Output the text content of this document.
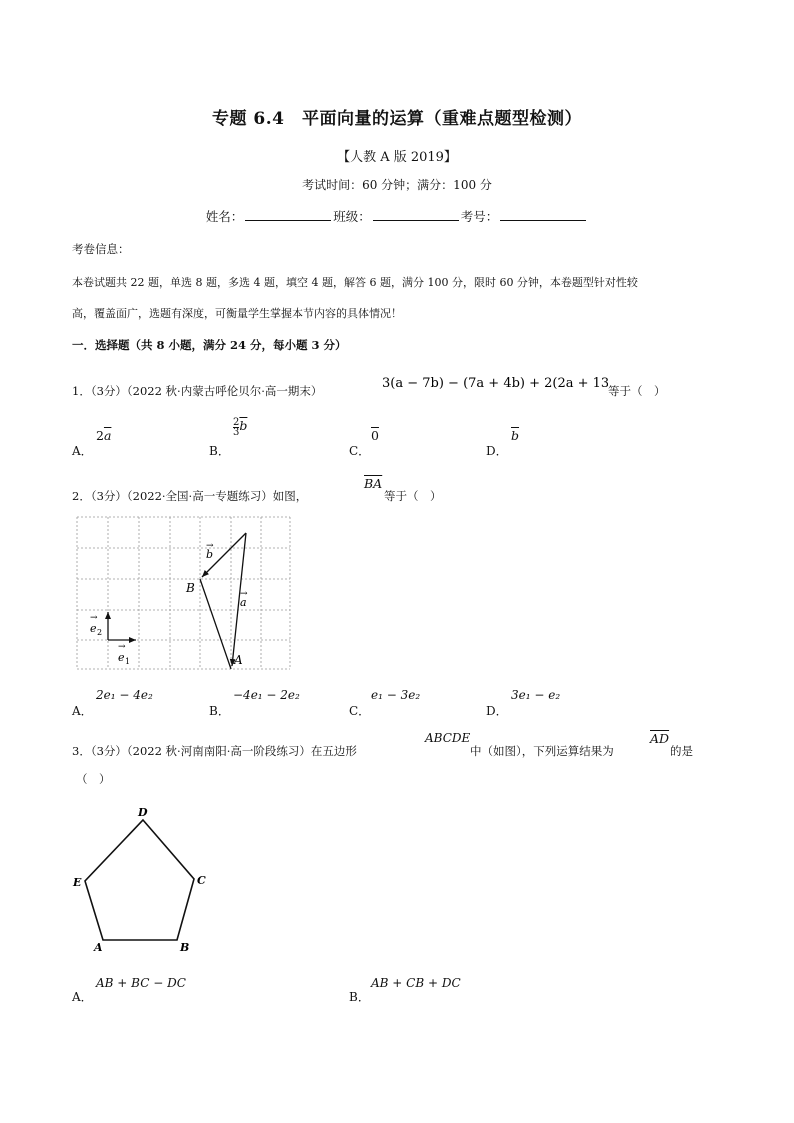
专题 6.4　平面向量的运算（重难点题型检测）
【人教 A 版 2019】
考试时间：60 分钟；满分：100 分
姓名：	班级：	考号：
考卷信息：
本卷试题共 22 题，单选 8 题，多选 4 题，填空 4 题，解答 6 题，满分 100 分，限时 60 分钟，本卷题型针对性较
高，覆盖面广，选题有深度，可衡量学生掌握本节内容的具体情况！
一．选择题（共 8 小题，满分 24 分，每小题 3 分）
1．（3分）（2022 秋·内蒙古呼伦贝尔·高一期末）	3(a − 7b) − (7a + 4b) + 2(2a + 13b)
等于（　）
A．
$2\overline{a}$
B．
2
$3\overline{b}$
C．
0
D．
$\overline{b}$
2．（3分）（2022·全国·高一专题练习）如图，
$\overline{BA}$
等于（　）
B
A
a
→
b
→
e 2
→
e 1
→
A．
2e₁ − 4e₂
B．
−4e₁ − 2e₂
C．
e₁ − 3e₂
D．
3e₁ − e₂
3．（3分）（2022 秋·河南南阳·高一阶段练习）在五边形
ABCDE
中（如图），下列运算结果为
$\overline{AD}$
的是
（　）
D
C
B
A
E
A．
AB + BC − DC
B．
AB + CB + DC
